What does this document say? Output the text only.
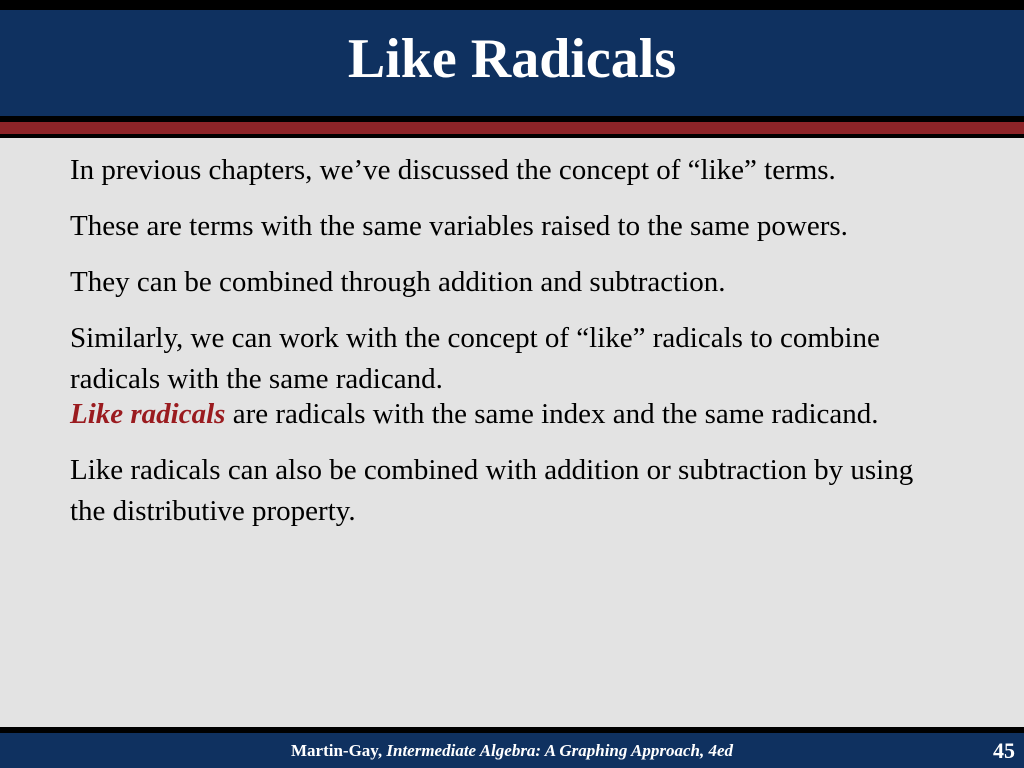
Like Radicals

In previous chapters, we’ve discussed the concept of “like” terms.

These are terms with the same variables raised to the same powers.

They can be combined through addition and subtraction.

Similarly, we can work with the concept of “like” radicals to combine radicals with the same radicand.

Like radicals are radicals with the same index and the same radicand.

Like radicals can also be combined with addition or subtraction by using the distributive property.

Martin-Gay, Intermediate Algebra: A Graphing Approach, 4ed	45
